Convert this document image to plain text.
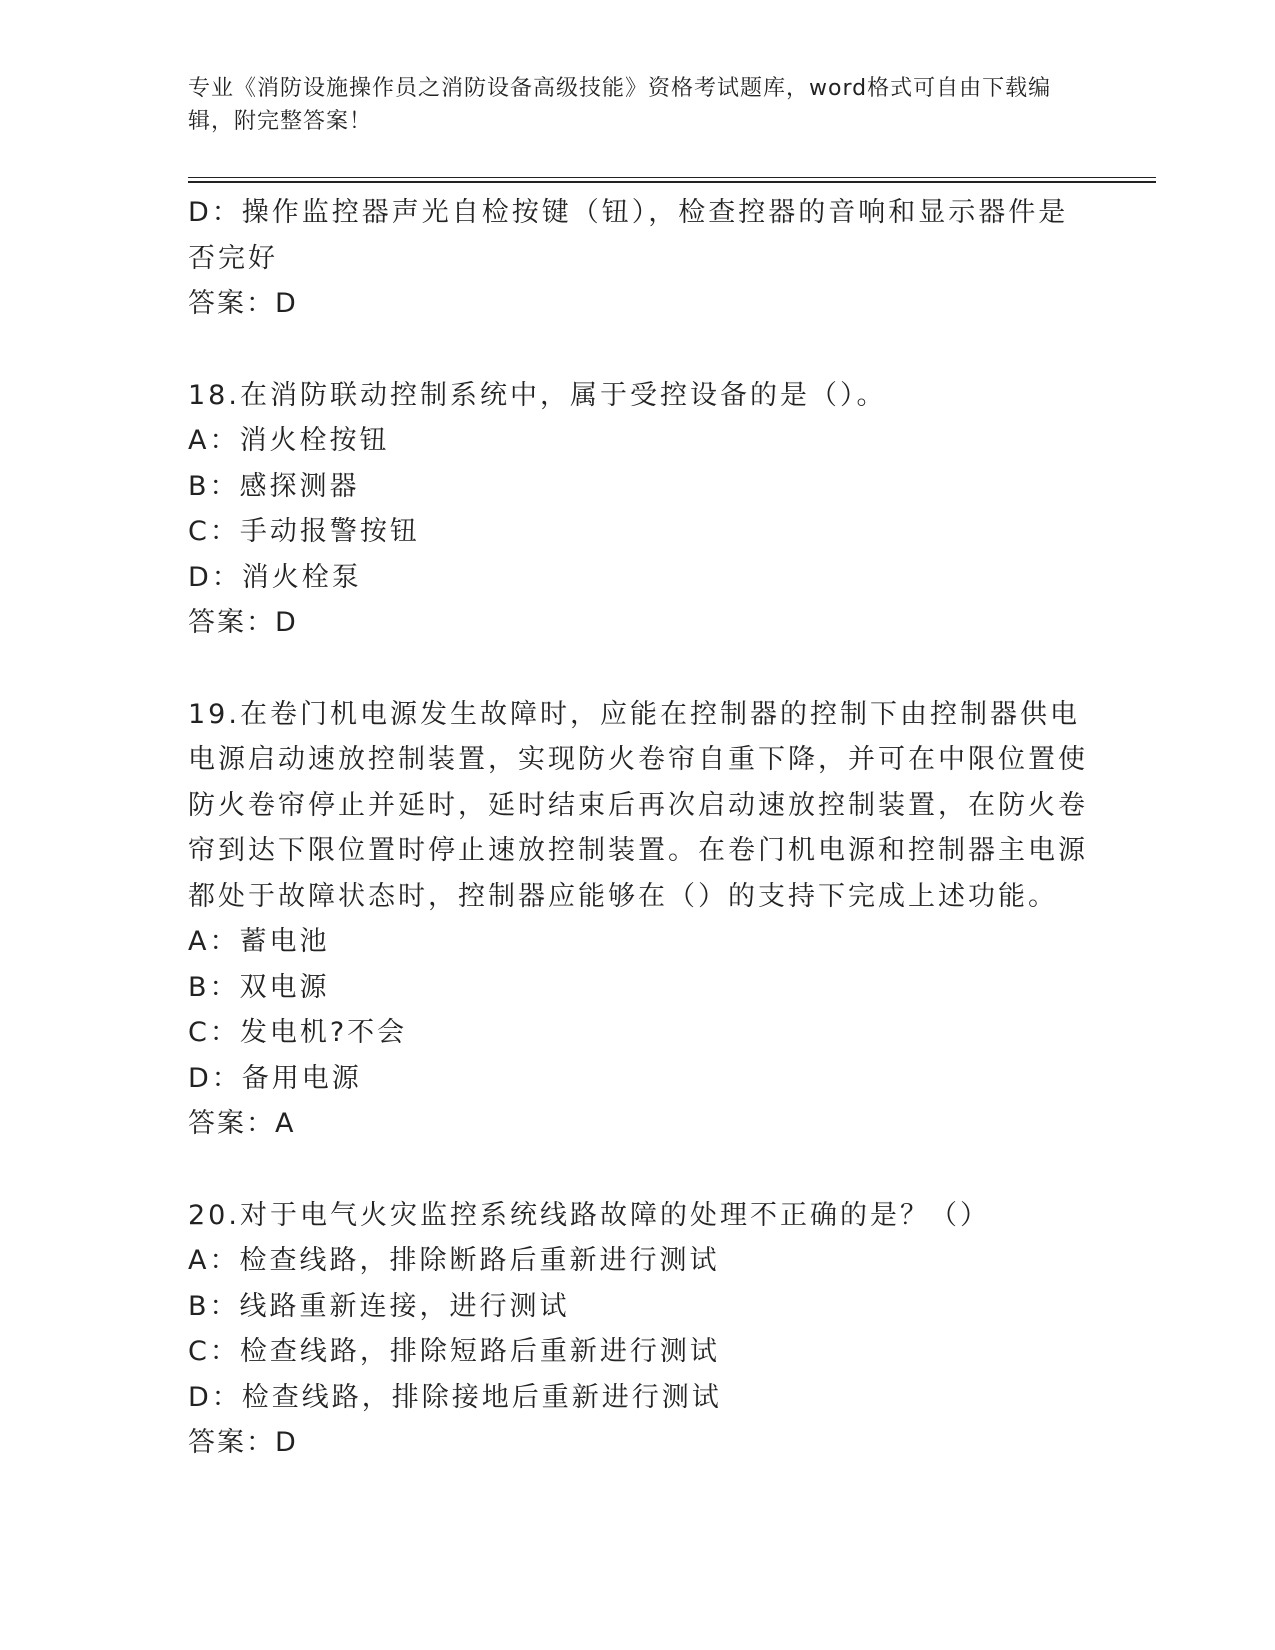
专业《消防设施操作员之消防设备高级技能》资格考试题库，word格式可自由下载编辑，附完整答案！
D：操作监控器声光自检按键（钮），检查控器的音响和显示器件是否完好
答案：D
18.在消防联动控制系统中，属于受控设备的是（）。
A：消火栓按钮
B：感探测器
C：手动报警按钮
D：消火栓泵
答案：D
19.在卷门机电源发生故障时，应能在控制器的控制下由控制器供电电源启动速放控制装置，实现防火卷帘自重下降，并可在中限位置使防火卷帘停止并延时，延时结束后再次启动速放控制装置，在防火卷帘到达下限位置时停止速放控制装置。在卷门机电源和控制器主电源都处于故障状态时，控制器应能够在（）的支持下完成上述功能。
A：蓄电池
B：双电源
C：发电机?不会
D：备用电源
答案：A
20.对于电气火灾监控系统线路故障的处理不正确的是？（）
A：检查线路，排除断路后重新进行测试
B：线路重新连接，进行测试
C：检查线路，排除短路后重新进行测试
D：检查线路，排除接地后重新进行测试
答案：D
